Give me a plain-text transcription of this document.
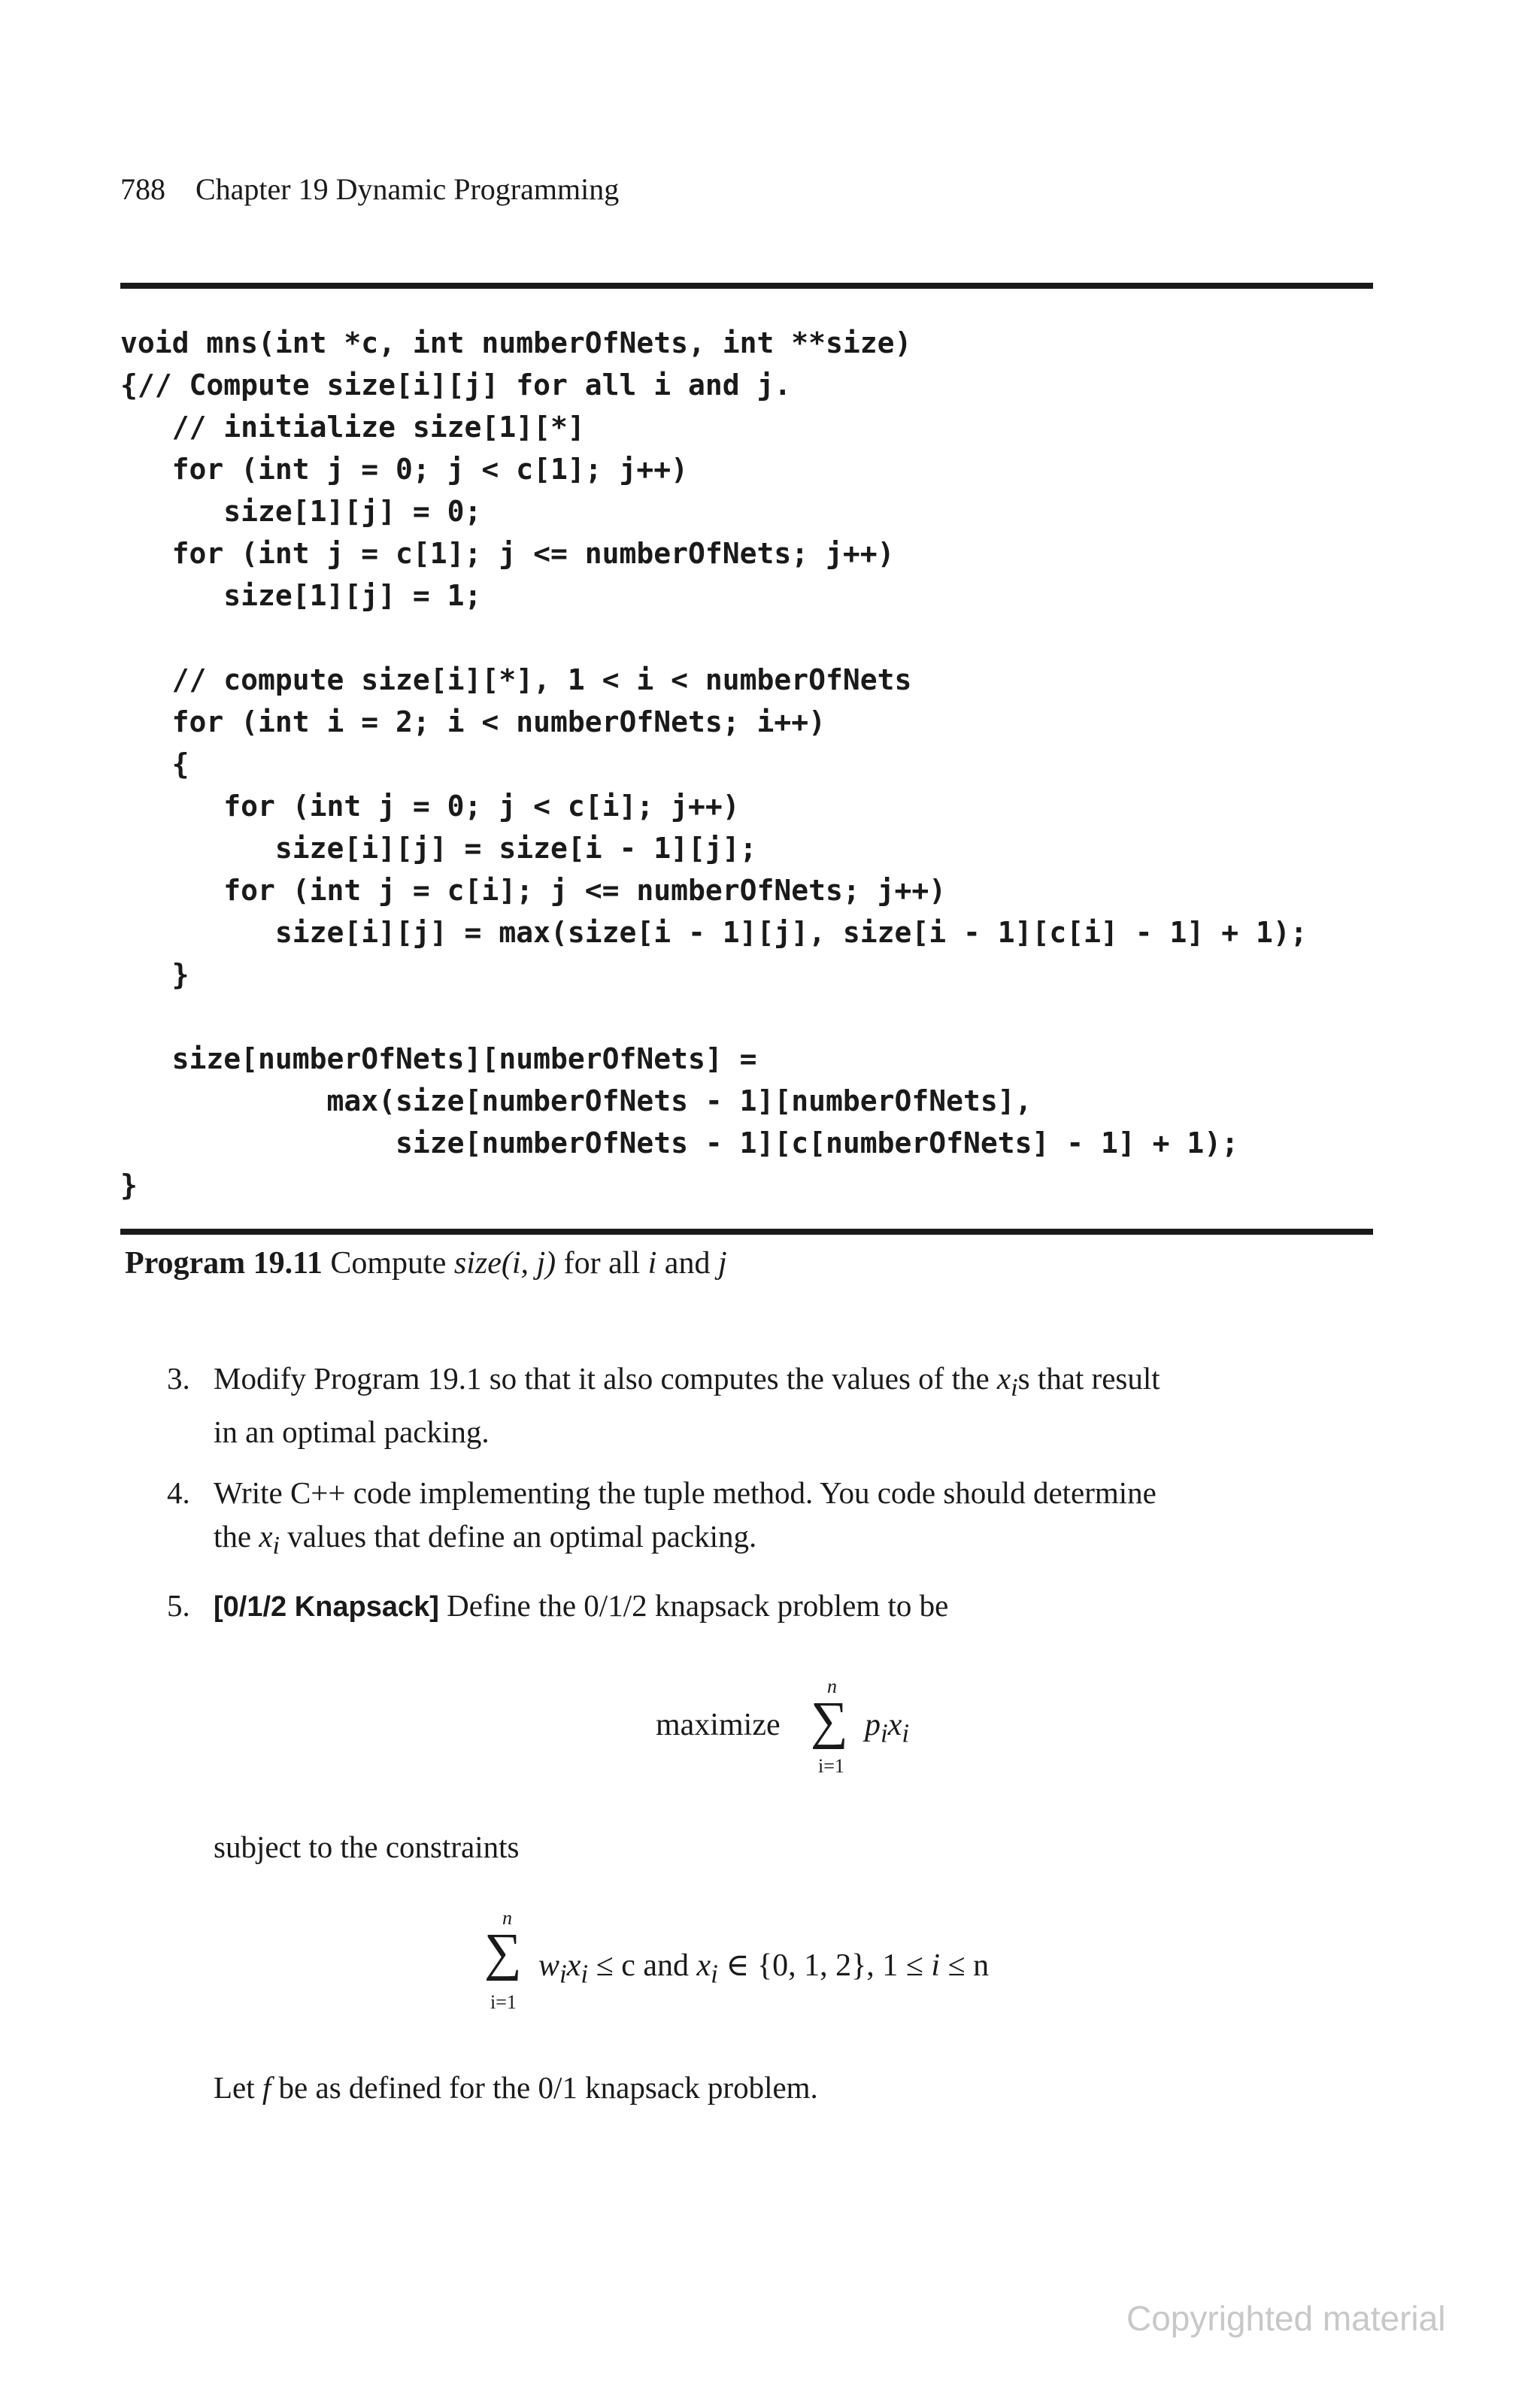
788    Chapter 19 Dynamic Programming
void mns(int *c, int numberOfNets, int **size)
{// Compute size[i][j] for all i and j.
// initialize size[1][*]
for (int j = 0; j < c[1]; j++)
size[1][j] = 0;
for (int j = c[1]; j <= numberOfNets; j++)
size[1][j] = 1;
// compute size[i][*], 1 < i < numberOfNets
for (int i = 2; i < numberOfNets; i++)
{
for (int j = 0; j < c[i]; j++)
size[i][j] = size[i - 1][j];
for (int j = c[i]; j <= numberOfNets; j++)
size[i][j] = max(size[i - 1][j], size[i - 1][c[i] - 1] + 1);
}
size[numberOfNets][numberOfNets] =
max(size[numberOfNets - 1][numberOfNets],
size[numberOfNets - 1][c[numberOfNets] - 1] + 1);
}
Program 19.11 Compute size(i, j) for all i and j
3. Modify Program 19.1 so that it also computes the values of the $x_is$ that result
in an optimal packing.
4. Write C++ code implementing the tuple method. You code should determine
the $x_i$ values that define an optimal packing.
5. [0/1/2 Knapsack] Define the 0/1/2 knapsack problem to be
maximize
n
∑
i=1
$p_ix_i$
subject to the constraints
n
∑
i=1
$w_ix_i \le c$ and $x_i$ ∈ {0, 1, 2}, 1 ≤ i ≤ n
Let f be as defined for the 0/1 knapsack problem.
Copyrighted material
